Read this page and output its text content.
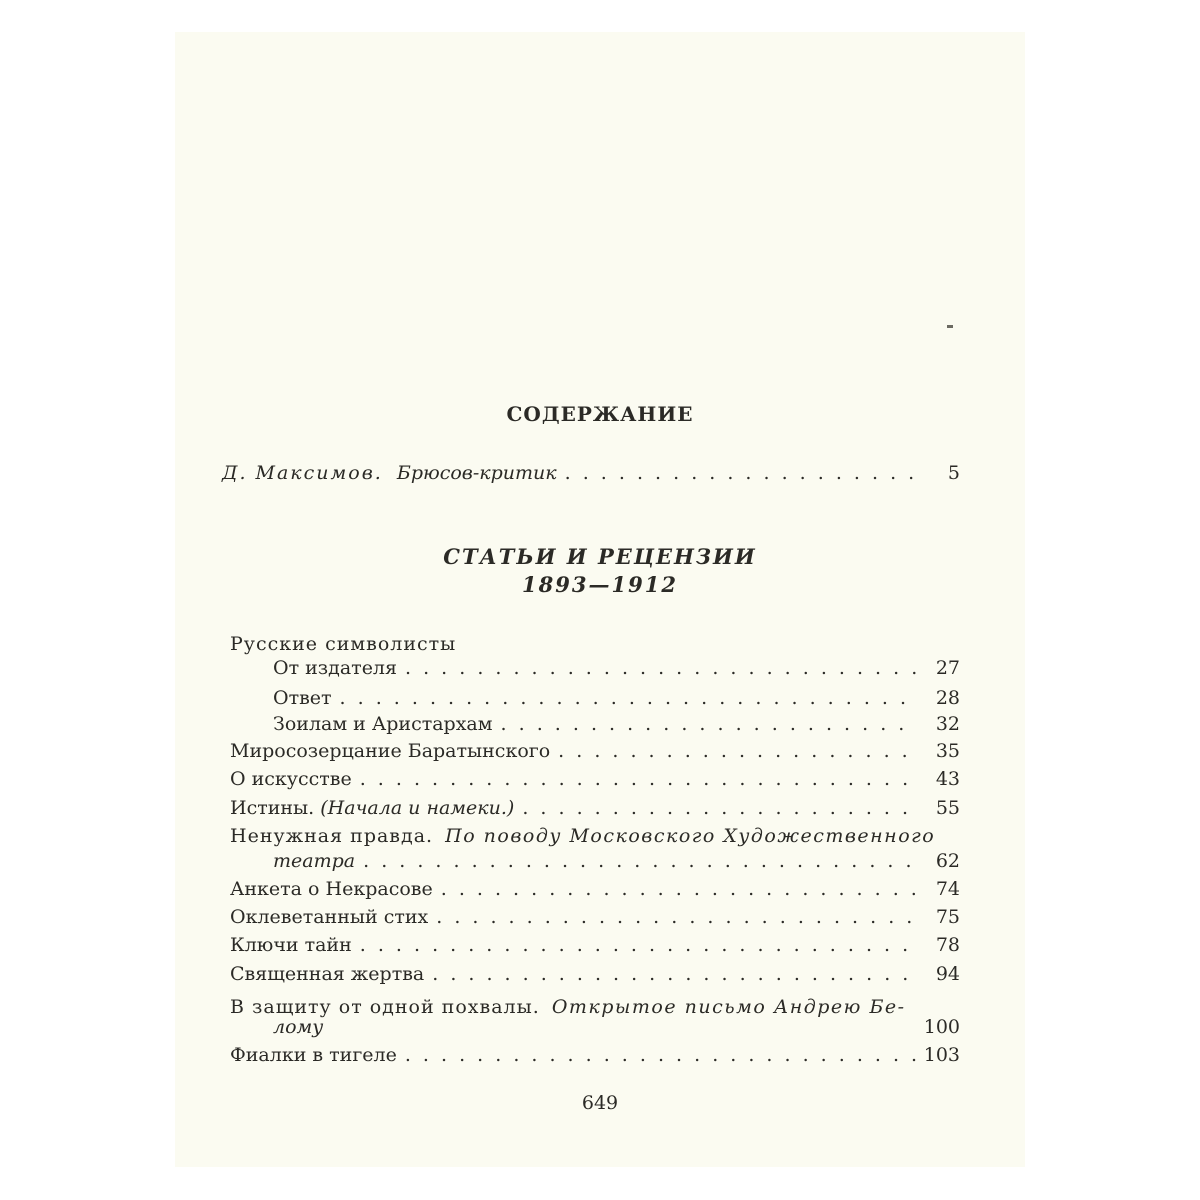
СОДЕРЖАНИЕ
Д. Максимов. Брюсов-критик . . .	5
СТАТЬИ И РЕЦЕНЗИИ
1893—1912
Русские символисты
От издателя . . .	27
Ответ . . .	28
Зоилам и Аристархам . . .	32
Миросозерцание Баратынского . . .	35
О искусстве . . .	43
Истины. (Начала и намеки.) . . .	55
Ненужная правда. По поводу Московского Художественного
театра . . .	62
Анкета о Некрасове . . .	74
Оклеветанный стих . . .	75
Ключи тайн . . .	78
Священная жертва . . .	94
В защиту от одной похвалы. Открытое письмо Андрею Бе-
лому	100
Фиалки в тигеле . . .	103
649
